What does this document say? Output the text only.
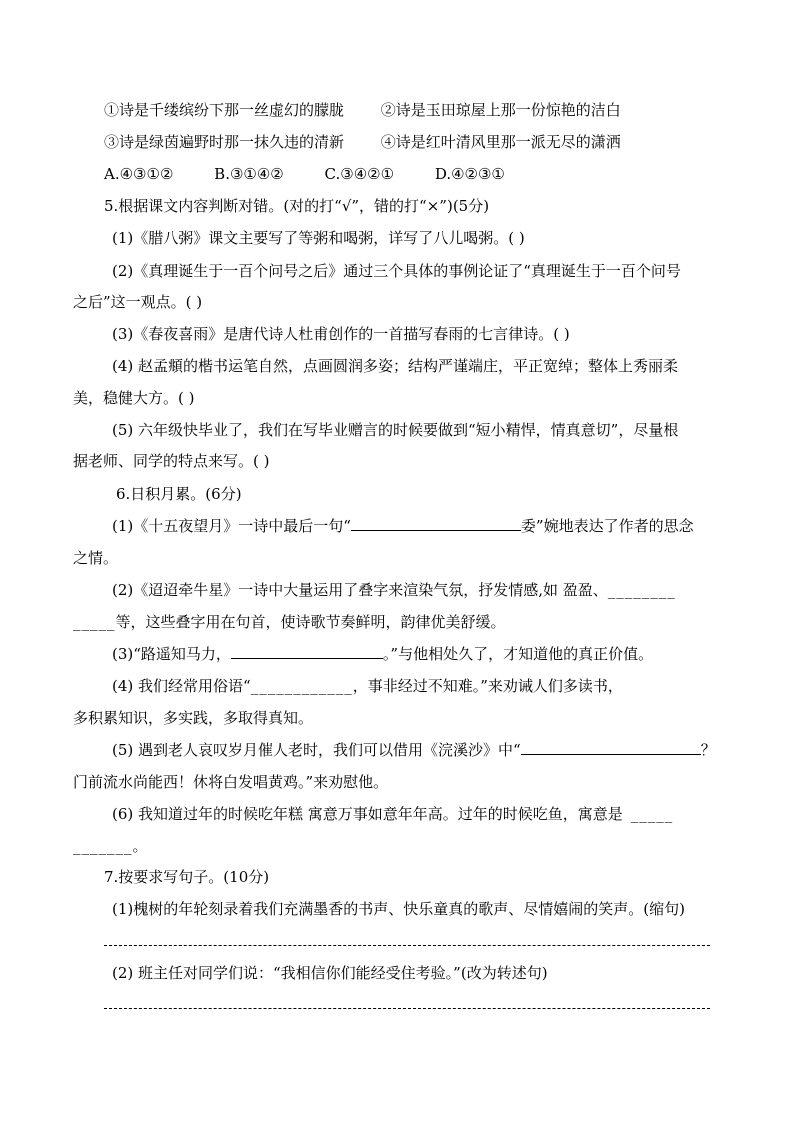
①诗是千缕缤纷下那一丝虚幻的朦胧 ②诗是玉田琼屋上那一份惊艳的洁白
③诗是绿茵遍野时那一抹久违的清新 ④诗是红叶清风里那一派无尽的潇洒
A.④③①②	B.③①④②	C.③④②①	D.④②③①
5.根据课文内容判断对错。(对的打“√”，错的打“×”)(5分)
(1)《腊八粥》课文主要写了等粥和喝粥，详写了八儿喝粥。( )
(2)《真理诞生于一百个问号之后》通过三个具体的事例论证了“真理诞生于一百个问号
之后”这一观点。( )
(3)《春夜喜雨》是唐代诗人杜甫创作的一首描写春雨的七言律诗。( )
(4) 赵孟頫的楷书运笔自然，点画圆润多姿；结构严谨端庄，平正宽绰；整体上秀丽柔
美，稳健大方。( )
(5) 六年级快毕业了，我们在写毕业赠言的时候要做到“短小精悍，情真意切”，尽量根
据老师、同学的特点来写。( )
6.日积月累。(6分)
(1)《十五夜望月》一诗中最后一句“	委”婉地表达了作者的思念
之情。
(2)《迢迢牵牛星》一诗中大量运用了叠字来渲染气氛，抒发情感,如 盈盈、________
_____等，这些叠字用在句首，使诗歌节奏鲜明，韵律优美舒缓。
(3)“路遥知马力，	。”与他相处久了，才知道他的真正价值。
(4) 我们经常用俗语“____________，事非经过不知难。”来劝诫人们多读书，
多积累知识，多实践，多取得真知。
(5) 遇到老人哀叹岁月催人老时，我们可以借用《浣溪沙》中“	？
门前流水尚能西！休将白发唱黄鸡。”来劝慰他。
(6) 我知道过年的时候吃年糕 寓意万事如意年年高。过年的时候吃鱼，寓意是 _____
_______。
7.按要求写句子。(10分)
(1)槐树的年轮刻录着我们充满墨香的书声、快乐童真的歌声、尽情嬉闹的笑声。(缩句)
(2) 班主任对同学们说：“我相信你们能经受住考验。”(改为转述句)
